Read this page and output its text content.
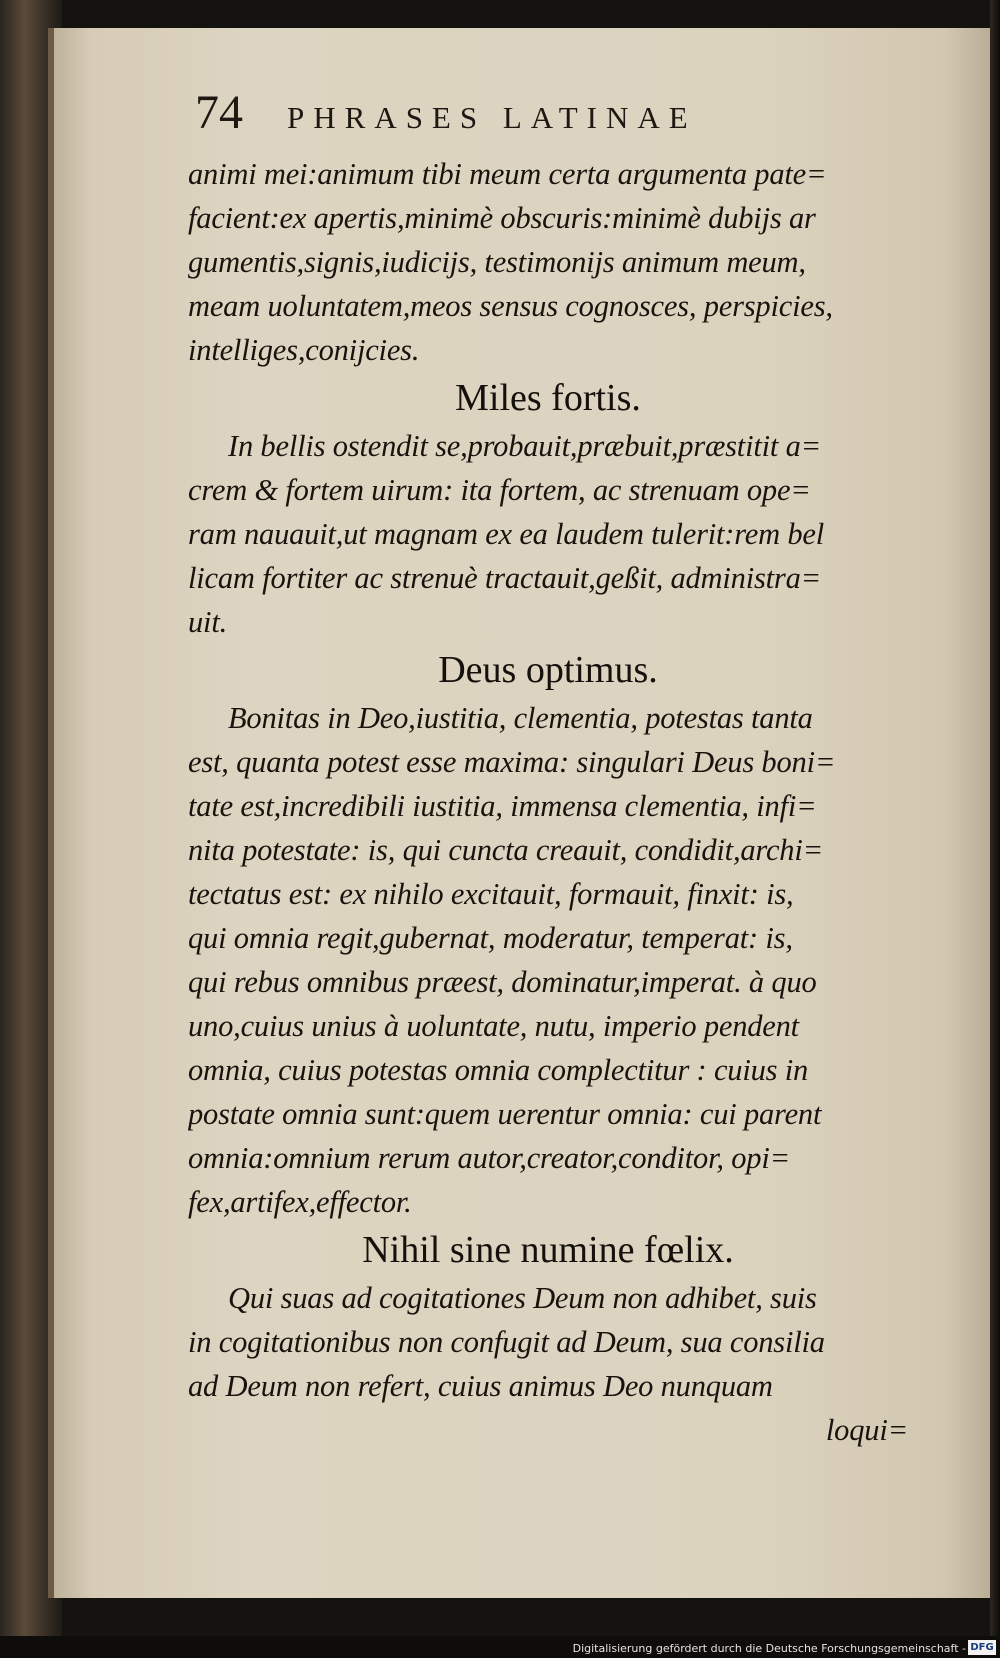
74 PHRASES LATINAE
animi mei:animum tibi meum certa argumenta pate=
facient:ex apertis,minimè obscuris:minimè dubijs ar
gumentis,signis,iudicijs, testimonijs animum meum,
meam uoluntatem,meos sensus cognosces, perspicies,
intelliges,conijcies.
Miles fortis.
In bellis ostendit se,probauit,præbuit,præstitit a=
crem & fortem uirum: ita fortem, ac strenuam ope=
ram nauauit,ut magnam ex ea laudem tulerit:rem bel
licam fortiter ac strenuè tractauit,geßit, administra=
uit.
Deus optimus.
Bonitas in Deo,iustitia, clementia, potestas tanta
est, quanta potest esse maxima: singulari Deus boni=
tate est,incredibili iustitia, immensa clementia, infi=
nita potestate: is, qui cuncta creauit, condidit,archi=
tectatus est: ex nihilo excitauit, formauit, finxit: is,
qui omnia regit,gubernat, moderatur, temperat: is,
qui rebus omnibus præest, dominatur,imperat. à quo
uno,cuius unius à uoluntate, nutu, imperio pendent
omnia, cuius potestas omnia complectitur : cuius in
postate omnia sunt:quem uerentur omnia: cui parent
omnia:omnium rerum autor,creator,conditor, opi=
fex,artifex,effector.
Nihil sine numine fœlix.
Qui suas ad cogitationes Deum non adhibet, suis
in cogitationibus non confugit ad Deum, sua consilia
ad Deum non refert, cuius animus Deo nunquam
loqui=
Digitalisierung gefördert durch die Deutsche Forschungsgemeinschaft - DFG
